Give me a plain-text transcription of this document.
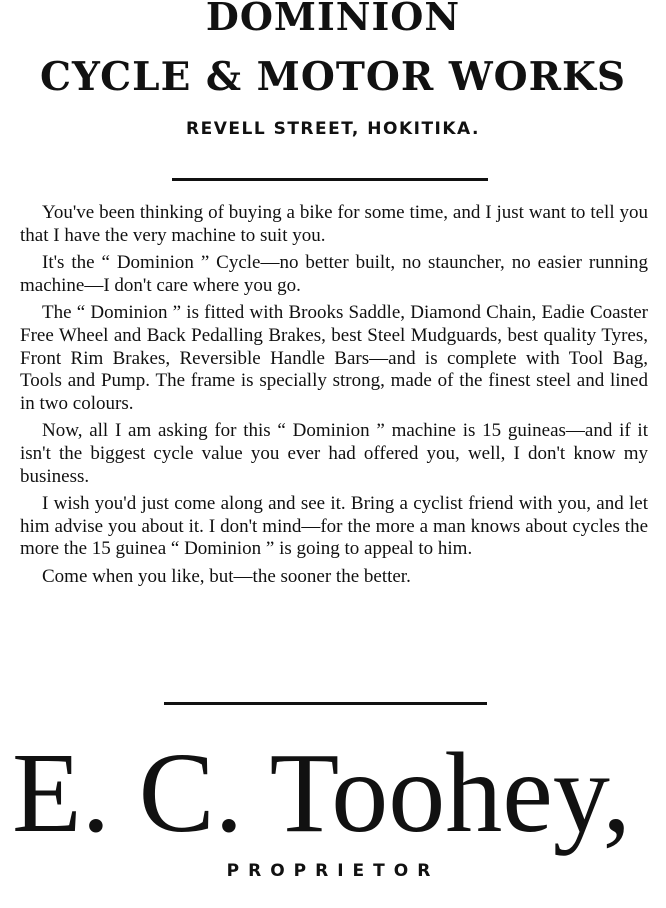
DOMINION
CYCLE & MOTOR WORKS
REVELL STREET, HOKITIKA.

You've been thinking of buying a bike for some time, and I just want to tell you that I have the very machine to suit you.

It's the “ Dominion ” Cycle—no better built, no stauncher, no easier running machine—I don't care where you go.

The “ Dominion ” is fitted with Brooks Saddle, Diamond Chain, Eadie Coaster Free Wheel and Back Pedalling Brakes, best Steel Mudguards, best quality Tyres, Front Rim Brakes, Reversible Handle Bars—and is complete with Tool Bag, Tools and Pump. The frame is specially strong, made of the finest steel and lined in two colours.

Now, all I am asking for this “ Dominion ” machine is 15 guineas—and if it isn't the biggest cycle value you ever had offered you, well, I don't know my business.

I wish you'd just come along and see it. Bring a cyclist friend with you, and let him advise you about it. I don't mind—for the more a man knows about cycles the more the 15 guinea “ Dominion ” is going to appeal to him.

Come when you like, but—the sooner the better.

E. C. Toohey,
PROPRIETOR
